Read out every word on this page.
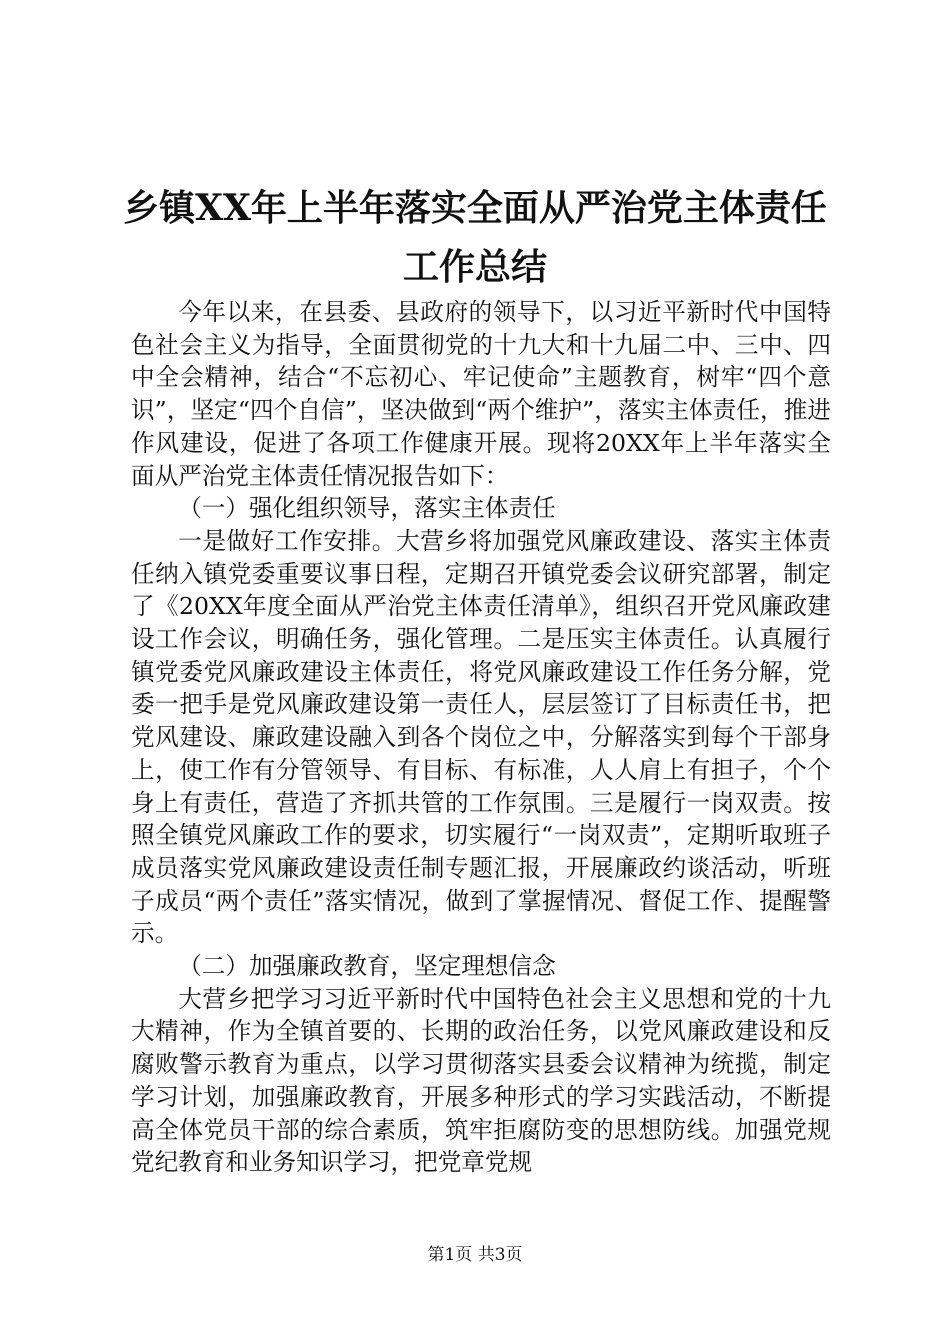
乡镇XX年上半年落实全面从严治党主体责任
工作总结

今年以来，在县委、县政府的领导下，以习近平新时代中国特色社会主义为指导，全面贯彻党的十九大和十九届二中、三中、四中全会精神，结合“不忘初心、牢记使命”主题教育，树牢“四个意识”，坚定“四个自信”，坚决做到“两个维护”，落实主体责任，推进作风建设，促进了各项工作健康开展。现将20XX年上半年落实全面从严治党主体责任情况报告如下：

（一）强化组织领导，落实主体责任

一是做好工作安排。大营乡将加强党风廉政建设、落实主体责任纳入镇党委重要议事日程，定期召开镇党委会议研究部署，制定了《20XX年度全面从严治党主体责任清单》，组织召开党风廉政建设工作会议，明确任务，强化管理。二是压实主体责任。认真履行镇党委党风廉政建设主体责任，将党风廉政建设工作任务分解，党委一把手是党风廉政建设第一责任人，层层签订了目标责任书，把党风建设、廉政建设融入到各个岗位之中，分解落实到每个干部身上，使工作有分管领导、有目标、有标准，人人肩上有担子，个个身上有责任，营造了齐抓共管的工作氛围。三是履行一岗双责。按照全镇党风廉政工作的要求，切实履行“一岗双责”，定期听取班子成员落实党风廉政建设责任制专题汇报，开展廉政约谈活动，听班子成员“两个责任”落实情况，做到了掌握情况、督促工作、提醒警示。

（二）加强廉政教育，坚定理想信念

大营乡把学习习近平新时代中国特色社会主义思想和党的十九大精神，作为全镇首要的、长期的政治任务，以党风廉政建设和反腐败警示教育为重点，以学习贯彻落实县委会议精神为统揽，制定学习计划，加强廉政教育，开展多种形式的学习实践活动，不断提高全体党员干部的综合素质，筑牢拒腐防变的思想防线。加强党规党纪教育和业务知识学习，把党章党规

第1页 共3页
